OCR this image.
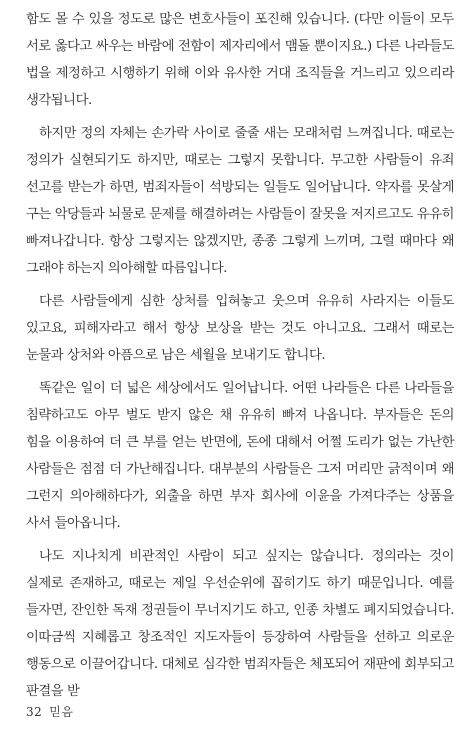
함도 몰 수 있을 정도로 많은 변호사들이 포진해 있습니다. (다만 이들이 모두 서로 옳다고 싸우는 바람에 전함이 제자리에서 맴돌 뿐이지요.) 다른 나라들도 법을 제정하고 시행하기 위해 이와 유사한 거대 조직들을 거느리고 있으리라 생각됩니다.

하지만 정의 자체는 손가락 사이로 줄줄 새는 모래처럼 느껴집니다. 때로는 정의가 실현되기도 하지만, 때로는 그렇지 못합니다. 무고한 사람들이 유죄 선고를 받는가 하면, 범죄자들이 석방되는 일들도 일어납니다. 약자를 못살게 구는 악당들과 뇌물로 문제를 해결하려는 사람들이 잘못을 저지르고도 유유히 빠져나갑니다. 항상 그렇지는 않겠지만, 종종 그렇게 느끼며, 그럴 때마다 왜 그래야 하는지 의아해할 따름입니다.

다른 사람들에게 심한 상처를 입혀놓고 웃으며 유유히 사라지는 이들도 있고요, 피해자라고 해서 항상 보상을 받는 것도 아니고요. 그래서 때로는 눈물과 상처와 아픔으로 남은 세월을 보내기도 합니다.

똑같은 일이 더 넓은 세상에서도 일어납니다. 어떤 나라들은 다른 나라들을 침략하고도 아무 벌도 받지 않은 채 유유히 빠져 나옵니다. 부자들은 돈의 힘을 이용하여 더 큰 부를 얻는 반면에, 돈에 대해서 어쩔 도리가 없는 가난한 사람들은 점점 더 가난해집니다. 대부분의 사람들은 그저 머리만 긁적이며 왜 그런지 의아해하다가, 외출을 하면 부자 회사에 이윤을 가져다주는 상품을 사서 들아옵니다.

나도 지나치게 비관적인 사람이 되고 싶지는 않습니다. 정의라는 것이 실제로 존재하고, 때로는 제일 우선순위에 꼽히기도 하기 때문입니다. 예를 들자면, 잔인한 독재 정권들이 무너지기도 하고, 인종 차별도 폐지되었습니다. 이따금씩 지혜롭고 창조적인 지도자들이 등장하여 사람들을 선하고 의로운 행동으로 이끌어갑니다. 대체로 심각한 범죄자들은 체포되어 재판에 회부되고 판결을 받

32 믿음
